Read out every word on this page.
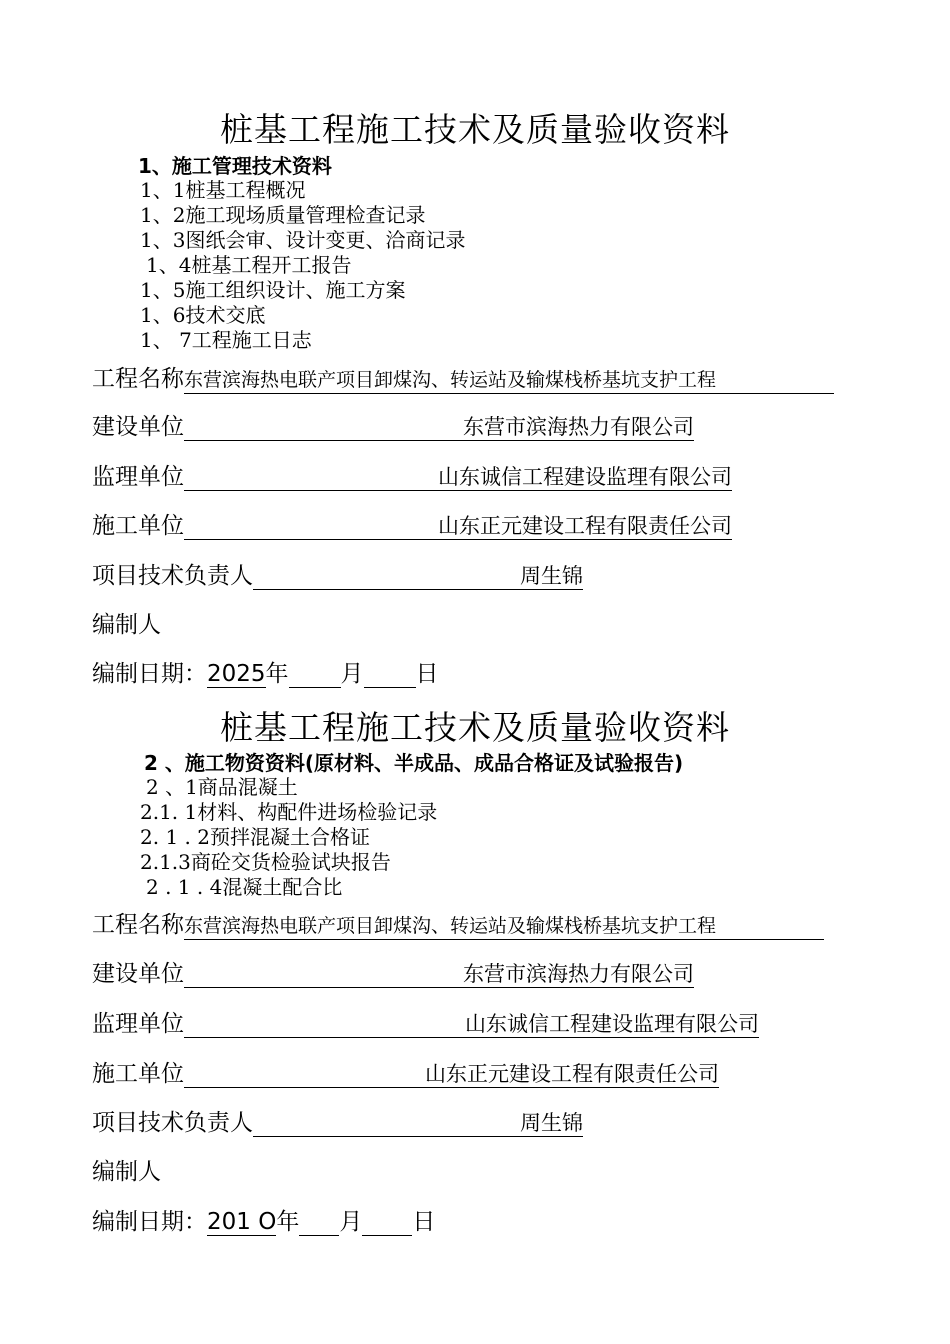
桩基工程施工技术及质量验收资料
1、施工管理技术资料
1、1桩基工程概况
1、2施工现场质量管理检查记录
1、3图纸会审、设计变更、洽商记录
1、4桩基工程开工报告
1、5施工组织设计、施工方案
1、6技术交底
1、 7工程施工日志
工程名称东营滨海热电联产项目卸煤沟、转运站及输煤栈桥基坑支护工程
建设单位	东营市滨海热力有限公司
监理单位	山东诚信工程建设监理有限公司
施工单位	山东正元建设工程有限责任公司
项目技术负责人	周生锦
编制人
编制日期：2025年 月 日
桩基工程施工技术及质量验收资料
2 、施工物资资料(原材料、半成品、成品合格证及试验报告)
2 、1商品混凝土
2.1. 1材料、构配件进场检验记录
2. 1 . 2预拌混凝土合格证
2.1.3商砼交货检验试块报告
2 . 1 . 4混凝土配合比
工程名称东营滨海热电联产项目卸煤沟、转运站及输煤栈桥基坑支护工程
建设单位	东营市滨海热力有限公司
监理单位	山东诚信工程建设监理有限公司
施工单位	山东正元建设工程有限责任公司
项目技术负责人	周生锦
编制人
编制日期：201 O年 月 日
